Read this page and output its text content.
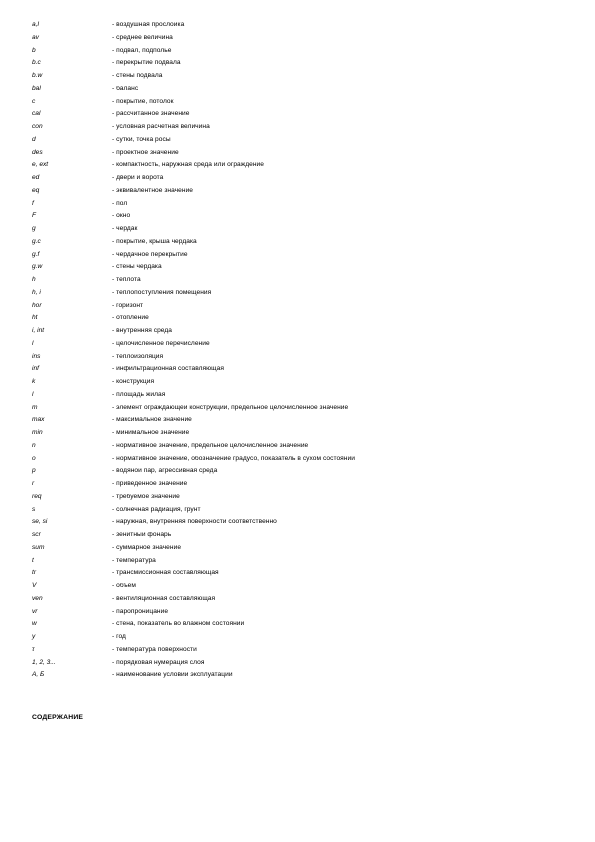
a,l	- воздушная прослойка
av	- среднее величина
b	- подвал, подполье
b.c	- перекрытие подвала
b.w	- стены подвала
bal	- баланс
c	- покрытие, потолок
cal	- рассчитанное значение
con	- условная расчетная величина
d	- сутки, точка росы
des	- проектное значение
e, ext	- компактность, наружная среда или ограждение
ed	- двери и ворота
eq	- эквивалентное значение
f	- пол
F	- окно
g	- чердак
g.c	- покрытие, крыша чердака
g.f	- чердачное перекрытие
g.w	- стены чердака
h	- теплота
h, i	- теплопоступления помещения
hor	- горизонт
ht	- отопление
i, int	- внутренняя среда
l	- целочисленное перечисление
ins	- теплоизоляция
inf	- инфильтрационная составляющая
k	- конструкция
l	- площадь жилая
m	- элемент ограждающей конструкции, предельное целочисленное значение
max	- максимальное значение
min	- минимальное значение
n	- нормативное значение, предельное целочисленное значение
o	- нормативное значение, обозначение градусо, показатель в сухом состоянии
p	- водяной пар, агрессивная среда
r	- приведенное значение
req	- требуемое значение
s	- солнечная радиация, грунт
se, si	- наружная, внутренняя поверхности соответственно
scr	- зенитный фонарь
sum	- суммарное значение
t	- температура
tr	- трансмиссионная составляющая
V	- объем
ven	- вентиляционная составляющая
vr	- паропроницание
w	- стена, показатель во влажном состоянии
y	- год
τ	- температура поверхности
1, 2, 3...	- порядковая нумерация слоя
А, Б	- наименование условий эксплуатации
СОДЕРЖАНИЕ
